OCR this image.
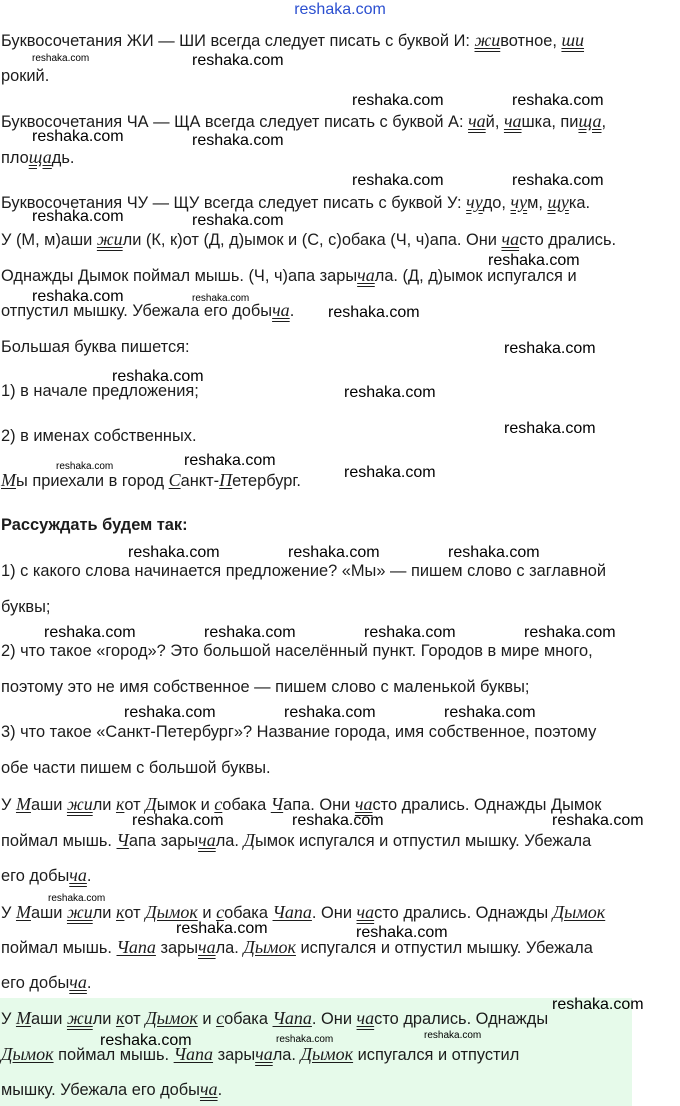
reshaka.com
Буквосочетания ЖИ — ШИ всегда следует писать с буквой И: животное, ши
рокий.
Буквосочетания ЧА — ЩА всегда следует писать с буквой А: чай, чашка, пища,
площадь.
Буквосочетания ЧУ — ЩУ всегда следует писать с буквой У: чудо, чум, щука.
У (М, м)аши жили (К, к)от (Д, д)ымок и (С, с)обака (Ч, ч)апа. Они часто дрались.
Однажды Дымок поймал мышь. (Ч, ч)апа зарычала. (Д, д)ымок испугался и
отпустил мышку. Убежала его добыча.
Большая буква пишется:
1) в начале предложения;
2) в именах собственных.
Мы приехали в город Санкт-Петербург.
Рассуждать будем так:
1) с какого слова начинается предложение? «Мы» — пишем слово с заглавной
буквы;
2) что такое «город»? Это большой населённый пункт. Городов в мире много,
поэтому это не имя собственное — пишем слово с маленькой буквы;
3) что такое «Санкт-Петербург»? Название города, имя собственное, поэтому
обе части пишем с большой буквы.
У Маши жили кот Дымок и собака Чапа. Они часто дрались. Однажды Дымок
поймал мышь. Чапа зарычала. Дымок испугался и отпустил мышку. Убежала
его добыча.
У Маши жили кот Дымок и собака Чапа. Они часто дрались. Однажды Дымок
поймал мышь. Чапа зарычала. Дымок испугался и отпустил мышку. Убежала
его добыча.
У Маши жили кот Дымок и собака Чапа. Они часто дрались. Однажды
Дымок поймал мышь. Чапа зарычала. Дымок испугался и отпустил
мышку. Убежала его добыча.
reshaka.com	reshaka.com
reshaka.com	reshaka.com
reshaka.com	reshaka.com
reshaka.com	reshaka.com
reshaka.com	reshaka.com
reshaka.com
reshaka.com	reshaka.com
reshaka.com
reshaka.com
reshaka.com
reshaka.com
reshaka.com
reshaka.com	reshaka.com
reshaka.com
reshaka.com	reshaka.com	reshaka.com
reshaka.com	reshaka.com	reshaka.com	reshaka.com
reshaka.com	reshaka.com	reshaka.com
reshaka.com	reshaka.com	reshaka.com
reshaka.com
reshaka.com	reshaka.com
reshaka.com
reshaka.com	reshaka.com	reshaka.com
